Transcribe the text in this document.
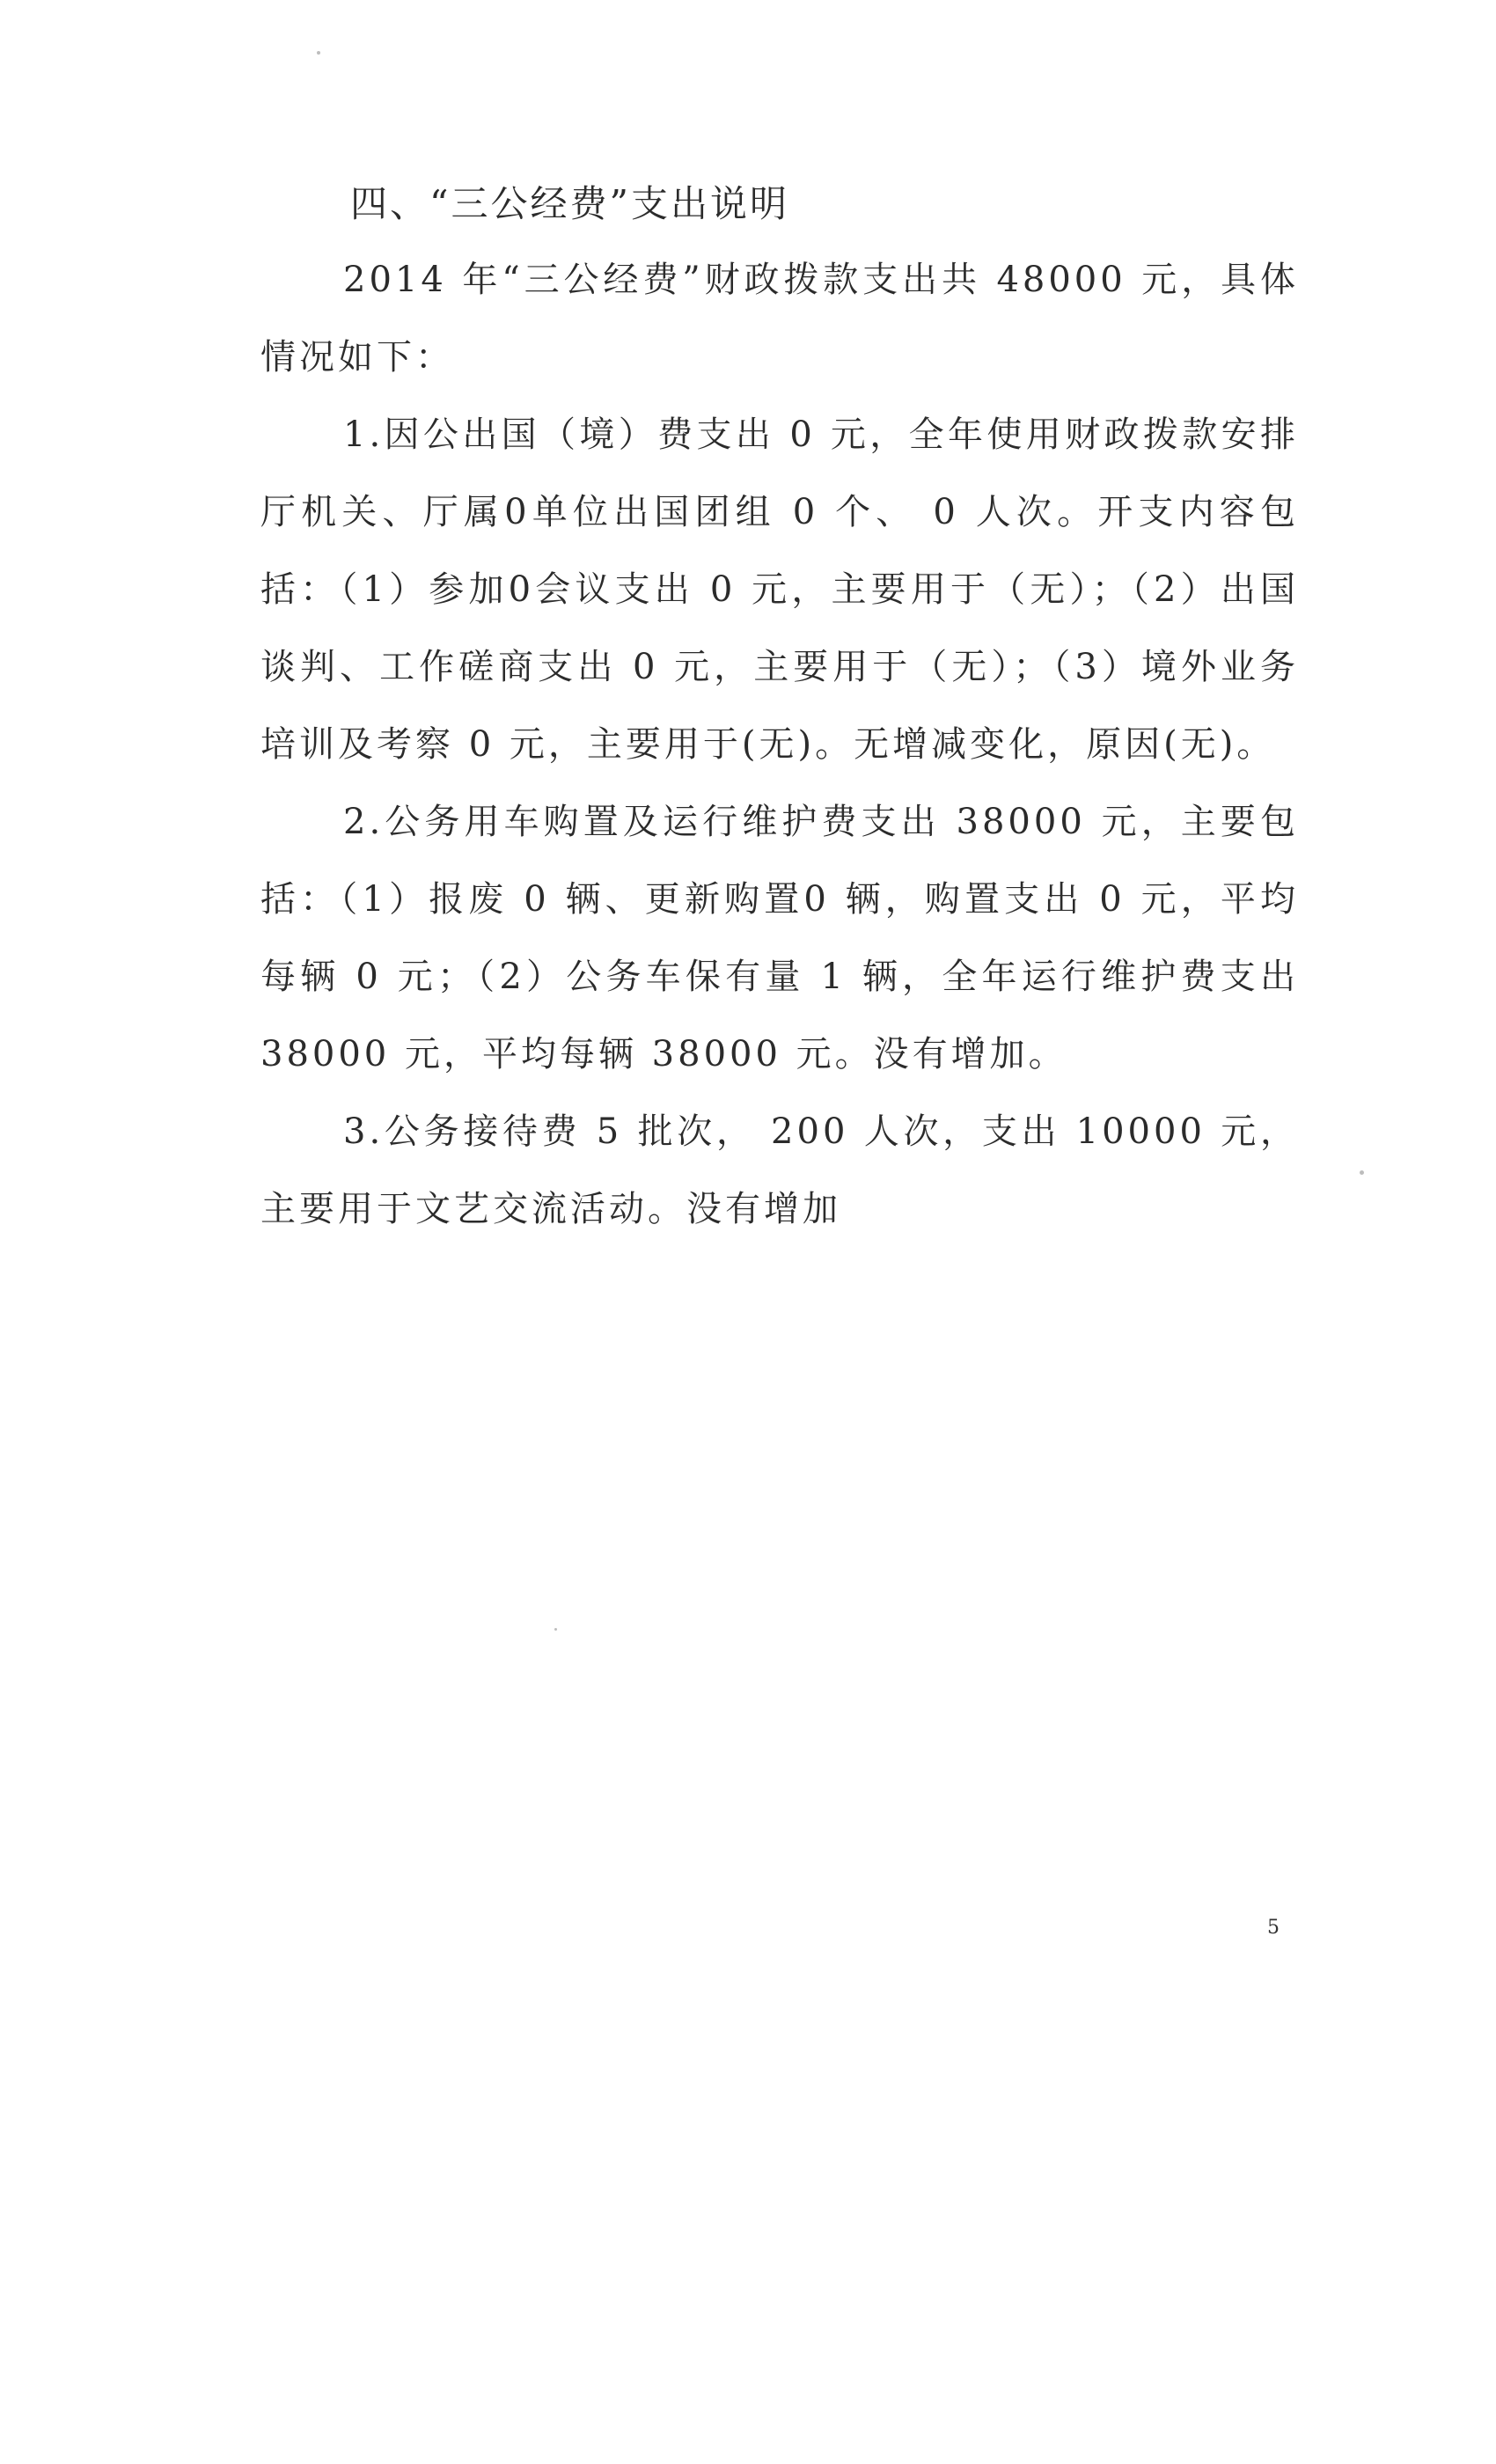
四、“三公经费”支出说明

2014 年“三公经费”财政拨款支出共 48000 元，具体情况如下：

1.因公出国（境）费支出 0 元，全年使用财政拨款安排厅机关、厅属0单位出国团组 0 个、 0 人次。开支内容包括：（1）参加0会议支出 0 元，主要用于（无）；（2）出国谈判、工作磋商支出 0 元，主要用于（无）；（3）境外业务培训及考察 0 元，主要用于(无)。无增减变化，原因(无)。

2.公务用车购置及运行维护费支出 38000 元，主要包括：（1）报废 0 辆、更新购置0 辆，购置支出 0 元，平均每辆 0 元；（2）公务车保有量 1 辆，全年运行维护费支出 38000 元，平均每辆 38000 元。没有增加。

3.公务接待费 5 批次， 200 人次，支出 10000 元，主要用于文艺交流活动。没有增加

5
